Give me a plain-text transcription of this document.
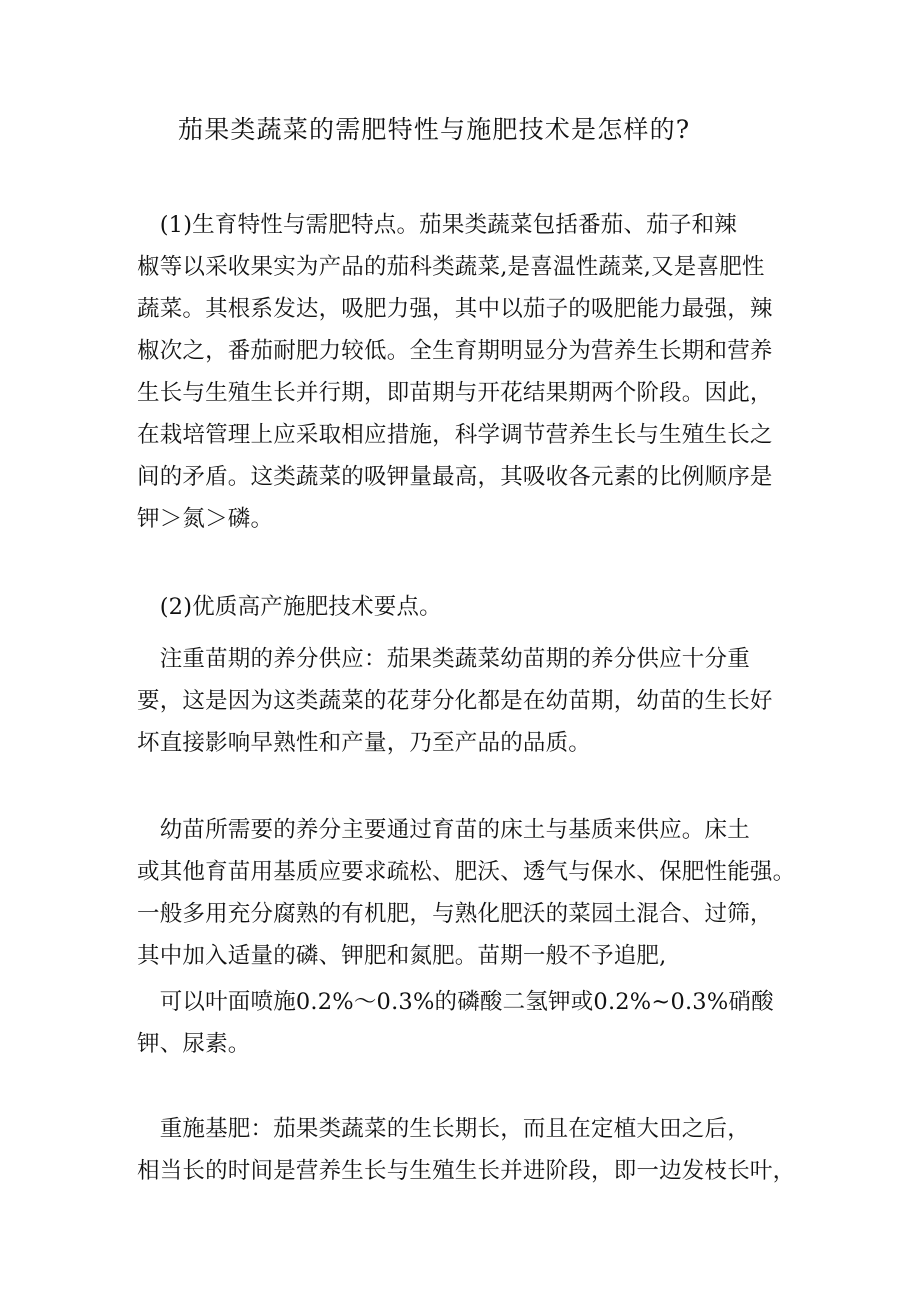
茄果类蔬菜的需肥特性与施肥技术是怎样的?
　(1)生育特性与需肥特点。茄果类蔬菜包括番茄、茄子和辣
椒等以采收果实为产品的茄科类蔬菜,是喜温性蔬菜,又是喜肥性
蔬菜。其根系发达，吸肥力强，其中以茄子的吸肥能力最强，辣
椒次之，番茄耐肥力较低。全生育期明显分为营养生长期和营养
生长与生殖生长并行期，即苗期与开花结果期两个阶段。因此，
在栽培管理上应采取相应措施，科学调节营养生长与生殖生长之
间的矛盾。这类蔬菜的吸钾量最高，其吸收各元素的比例顺序是
钾＞氮＞磷。
　(2)优质高产施肥技术要点。
　注重苗期的养分供应：茄果类蔬菜幼苗期的养分供应十分重
要，这是因为这类蔬菜的花芽分化都是在幼苗期，幼苗的生长好
坏直接影响早熟性和产量，乃至产品的品质。
　幼苗所需要的养分主要通过育苗的床土与基质来供应。床土
或其他育苗用基质应要求疏松、肥沃、透气与保水、保肥性能强。
一般多用充分腐熟的有机肥，与熟化肥沃的菜园土混合、过筛，
其中加入适量的磷、钾肥和氮肥。苗期一般不予追肥,
　可以叶面喷施0.2%～0.3%的磷酸二氢钾或0.2%~0.3%硝酸
钾、尿素。
　重施基肥：茄果类蔬菜的生长期长，而且在定植大田之后，
相当长的时间是营养生长与生殖生长并进阶段，即一边发枝长叶，
